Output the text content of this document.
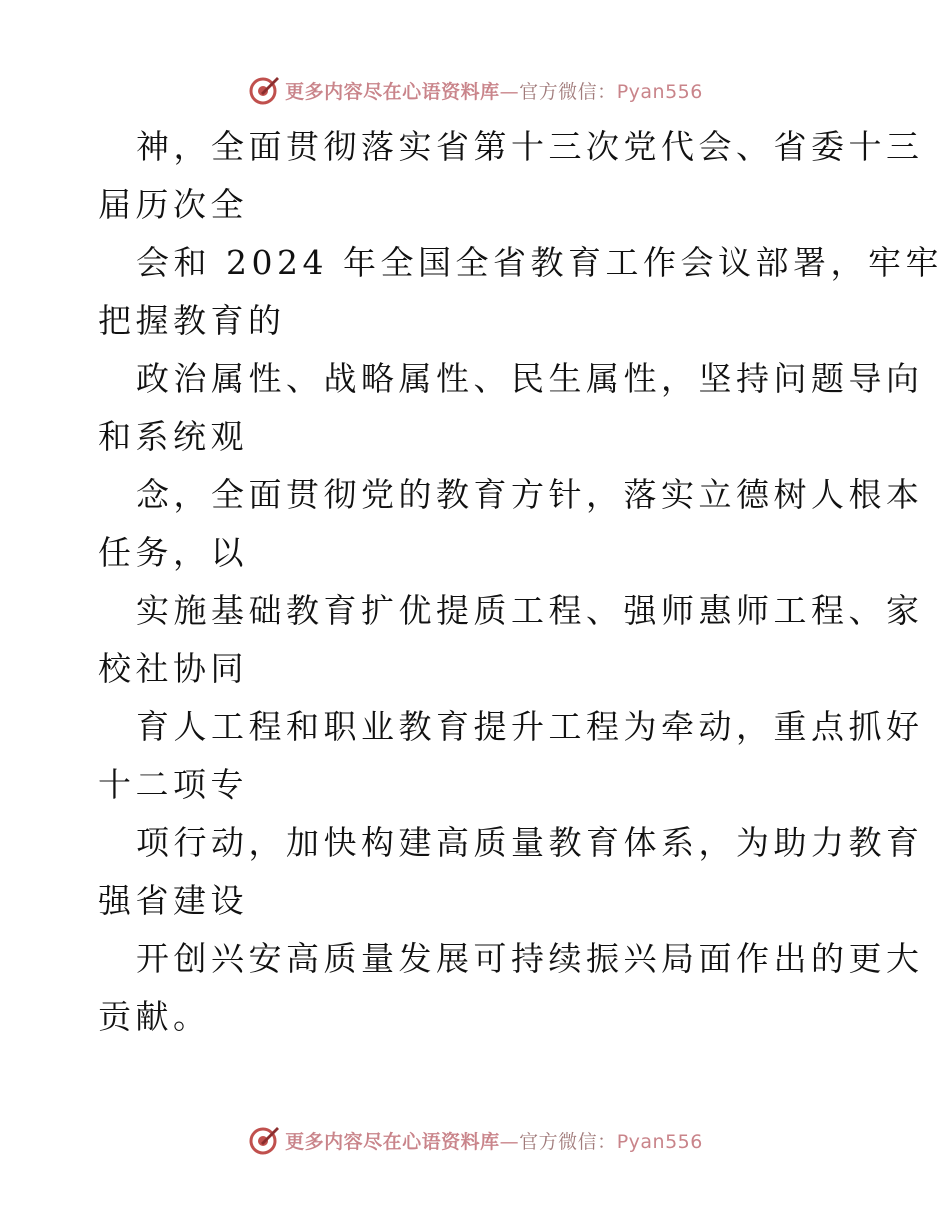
更多内容尽在心语资料库—官方微信：Pyan556

神，全面贯彻落实省第十三次党代会、省委十三
届历次全

会和 2024 年全国全省教育工作会议部署，牢牢
把握教育的

政治属性、战略属性、民生属性，坚持问题导向
和系统观

念，全面贯彻党的教育方针，落实立德树人根本
任务，以

实施基础教育扩优提质工程、强师惠师工程、家
校社协同

育人工程和职业教育提升工程为牵动，重点抓好
十二项专

项行动，加快构建高质量教育体系，为助力教育
强省建设

开创兴安高质量发展可持续振兴局面作出的更大
贡献。

更多内容尽在心语资料库—官方微信：Pyan556
